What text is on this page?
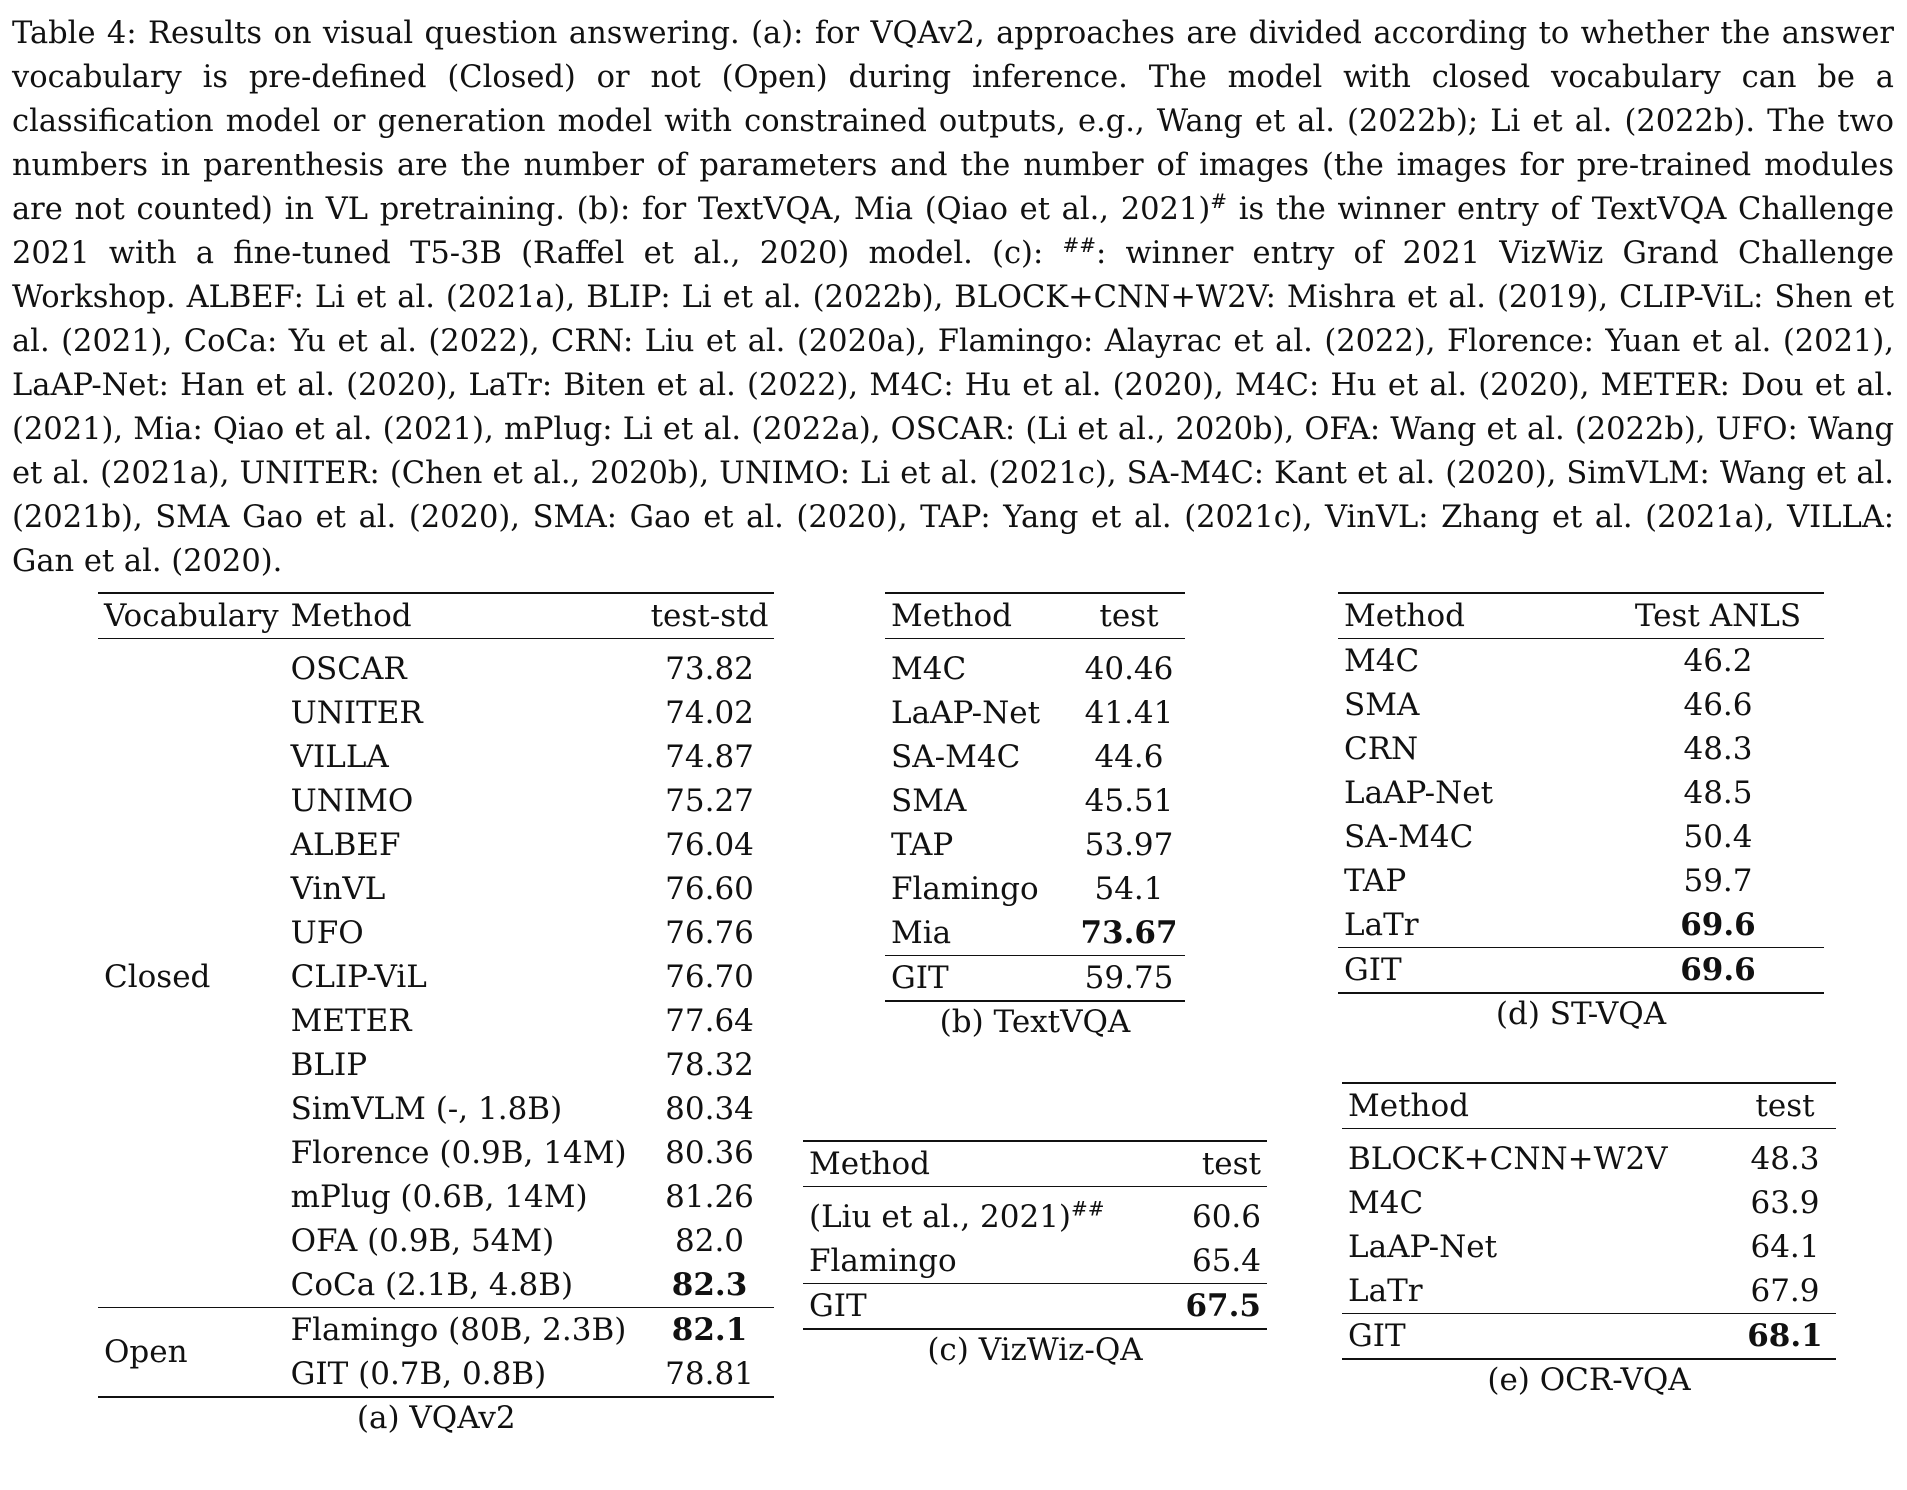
Table 4: Results on visual question answering. (a): for VQAv2, approaches are divided according to whether the answer vocabulary is pre-defined (Closed) or not (Open) during inference. The model with closed vocabulary can be a classification model or generation model with constrained outputs, e.g., Wang et al. (2022b); Li et al. (2022b). The two numbers in parenthesis are the number of parameters and the number of images (the images for pre-trained modules are not counted) in VL pretraining. (b): for TextVQA, Mia (Qiao et al., 2021)# is the winner entry of TextVQA Challenge 2021 with a fine-tuned T5-3B (Raffel et al., 2020) model. (c): ##: winner entry of 2021 VizWiz Grand Challenge Workshop. ALBEF: Li et al. (2021a), BLIP: Li et al. (2022b), BLOCK+CNN+W2V: Mishra et al. (2019), CLIP-ViL: Shen et al. (2021), CoCa: Yu et al. (2022), CRN: Liu et al. (2020a), Flamingo: Alayrac et al. (2022), Florence: Yuan et al. (2021), LaAP-Net: Han et al. (2020), LaTr: Biten et al. (2022), M4C: Hu et al. (2020), M4C: Hu et al. (2020), METER: Dou et al. (2021), Mia: Qiao et al. (2021), mPlug: Li et al. (2022a), OSCAR: (Li et al., 2020b), OFA: Wang et al. (2022b), UFO: Wang et al. (2021a), UNITER: (Chen et al., 2020b), UNIMO: Li et al. (2021c), SA-M4C: Kant et al. (2020), SimVLM: Wang et al. (2021b), SMA Gao et al. (2020), SMA: Gao et al. (2020), TAP: Yang et al. (2021c), VinVL: Zhang et al. (2021a), VILLA: Gan et al. (2020).

Vocabulary	Method	test-std
Closed	OSCAR	73.82
	UNITER	74.02
	VILLA	74.87
	UNIMO	75.27
	ALBEF	76.04
	VinVL	76.60
	UFO	76.76
	CLIP-ViL	76.70
	METER	77.64
	BLIP	78.32
	SimVLM (-, 1.8B)	80.34
	Florence (0.9B, 14M)	80.36
	mPlug (0.6B, 14M)	81.26
	OFA (0.9B, 54M)	82.0
	CoCa (2.1B, 4.8B)	82.3
Open	Flamingo (80B, 2.3B)	82.1
	GIT (0.7B, 0.8B)	78.81
(a) VQAv2		
Method	test
M4C	40.46
LaAP-Net	41.41
SA-M4C	44.6
SMA	45.51
TAP	53.97
Flamingo	54.1
Mia	73.67
GIT	59.75
(b) TextVQA	
Method	test
(Liu et al., 2021)##	60.6
Flamingo	65.4
GIT	67.5
(c) VizWiz-QA	
Method	Test ANLS
M4C	46.2
SMA	46.6
CRN	48.3
LaAP-Net	48.5
SA-M4C	50.4
TAP	59.7
LaTr	69.6
GIT	69.6
(d) ST-VQA	
Method	test
BLOCK+CNN+W2V	48.3
M4C	63.9
LaAP-Net	64.1
LaTr	67.9
GIT	68.1
(e) OCR-VQA	
